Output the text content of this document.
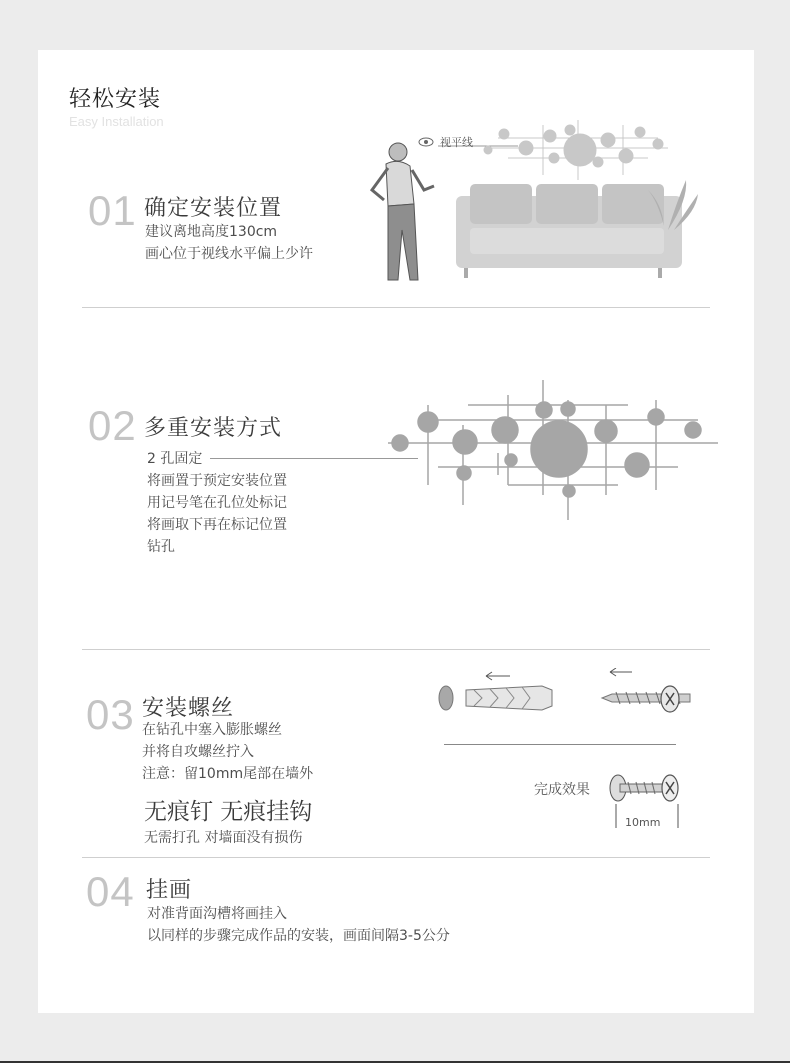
轻松安装
Easy Installation
01 确定安装位置
建议离地高度130cm
画心位于视线水平偏上少许
视平线
02 多重安装方式
2 孔固定
将画置于预定安装位置
用记号笔在孔位处标记
将画取下再在标记位置
钻孔
03 安装螺丝
在钻孔中塞入膨胀螺丝
并将自攻螺丝拧入
注意：留10mm尾部在墙外
无痕钉 无痕挂钩
无需打孔 对墙面没有损伤
完成效果
10mm
04 挂画
对准背面沟槽将画挂入
以同样的步骤完成作品的安装，画面间隔3-5公分
